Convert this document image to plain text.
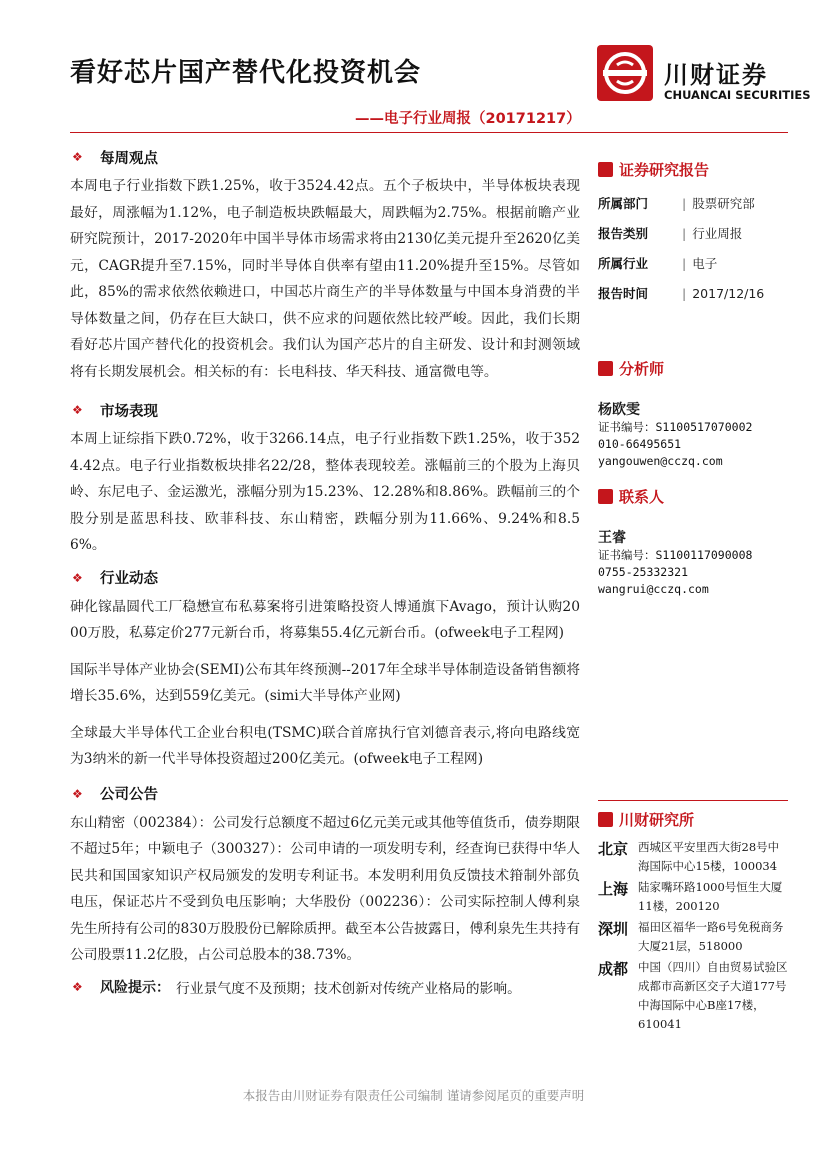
看好芯片国产替代化投资机会	川财证券
CHUANCAI SECURITIES
——电子行业周报（20171217）
❖ 每周观点

本周电子行业指数下跌1.25%，收于3524.42点。五个子板块中，半导体板块表现最好，周涨幅为1.12%，电子制造板块跌幅最大，周跌幅为2.75%。根据前瞻产业研究院预计，2017-2020年中国半导体市场需求将由2130亿美元提升至2620亿美元，CAGR提升至7.15%，同时半导体自供率有望由11.20%提升至15%。尽管如此，85%的需求依然依赖进口，中国芯片商生产的半导体数量与中国本身消费的半导体数量之间，仍存在巨大缺口，供不应求的问题依然比较严峻。因此，我们长期看好芯片国产替代化的投资机会。我们认为国产芯片的自主研发、设计和封测领域将有长期发展机会。相关标的有：长电科技、华天科技、通富微电等。

❖ 市场表现

本周上证综指下跌0.72%，收于3266.14点，电子行业指数下跌1.25%，收于3524.42点。电子行业指数板块排名22/28，整体表现较差。涨幅前三的个股为上海贝岭、东尼电子、金运激光，涨幅分别为15.23%、12.28%和8.86%。跌幅前三的个股分别是蓝思科技、欧菲科技、东山精密，跌幅分别为11.66%、9.24%和8.56%。

❖ 行业动态

砷化镓晶圆代工厂稳懋宣布私募案将引进策略投资人博通旗下Avago，预计认购2000万股，私募定价277元新台币，将募集55.4亿元新台币。(ofweek电子工程网)

国际半导体产业协会(SEMI)公布其年终预测--2017年全球半导体制造设备销售额将增长35.6%，达到559亿美元。(simi大半导体产业网)

全球最大半导体代工企业台积电(TSMC)联合首席执行官刘德音表示,将向电路线宽为3纳米的新一代半导体投资超过200亿美元。(ofweek电子工程网)

❖ 公司公告

东山精密（002384）：公司发行总额度不超过6亿元美元或其他等值货币，债券期限不超过5年；中颖电子（300327）：公司申请的一项发明专利，经查询已获得中华人民共和国国家知识产权局颁发的发明专利证书。本发明利用负反馈技术箝制外部负电压，保证芯片不受到负电压影响；大华股份（002236）：公司实际控制人傅利泉先生所持有公司的830万股股份已解除质押。截至本公告披露日，傅利泉先生共持有公司股票11.2亿股，占公司总股本的38.73%。

❖ 风险提示： 行业景气度不及预期；技术创新对传统产业格局的影响。
证券研究报告
所属部门	| 股票研究部
报告类别	| 行业周报
所属行业	| 电子
报告时间	| 2017/12/16
分析师
杨欧雯
证书编号：S1100517070002
010-66495651
yangouwen@cczq.com
联系人
王睿
证书编号：S1100117090008
0755-25332321
wangrui@cczq.com
川财研究所
北京 西城区平安里西大街28号中海国际中心15楼，100034
上海 陆家嘴环路1000号恒生大厦11楼，200120
深圳 福田区福华一路6号免税商务大厦21层，518000
成都 中国（四川）自由贸易试验区成都市高新区交子大道177号中海国际中心B座17楼，610041
本报告由川财证券有限责任公司编制 谨请参阅尾页的重要声明
